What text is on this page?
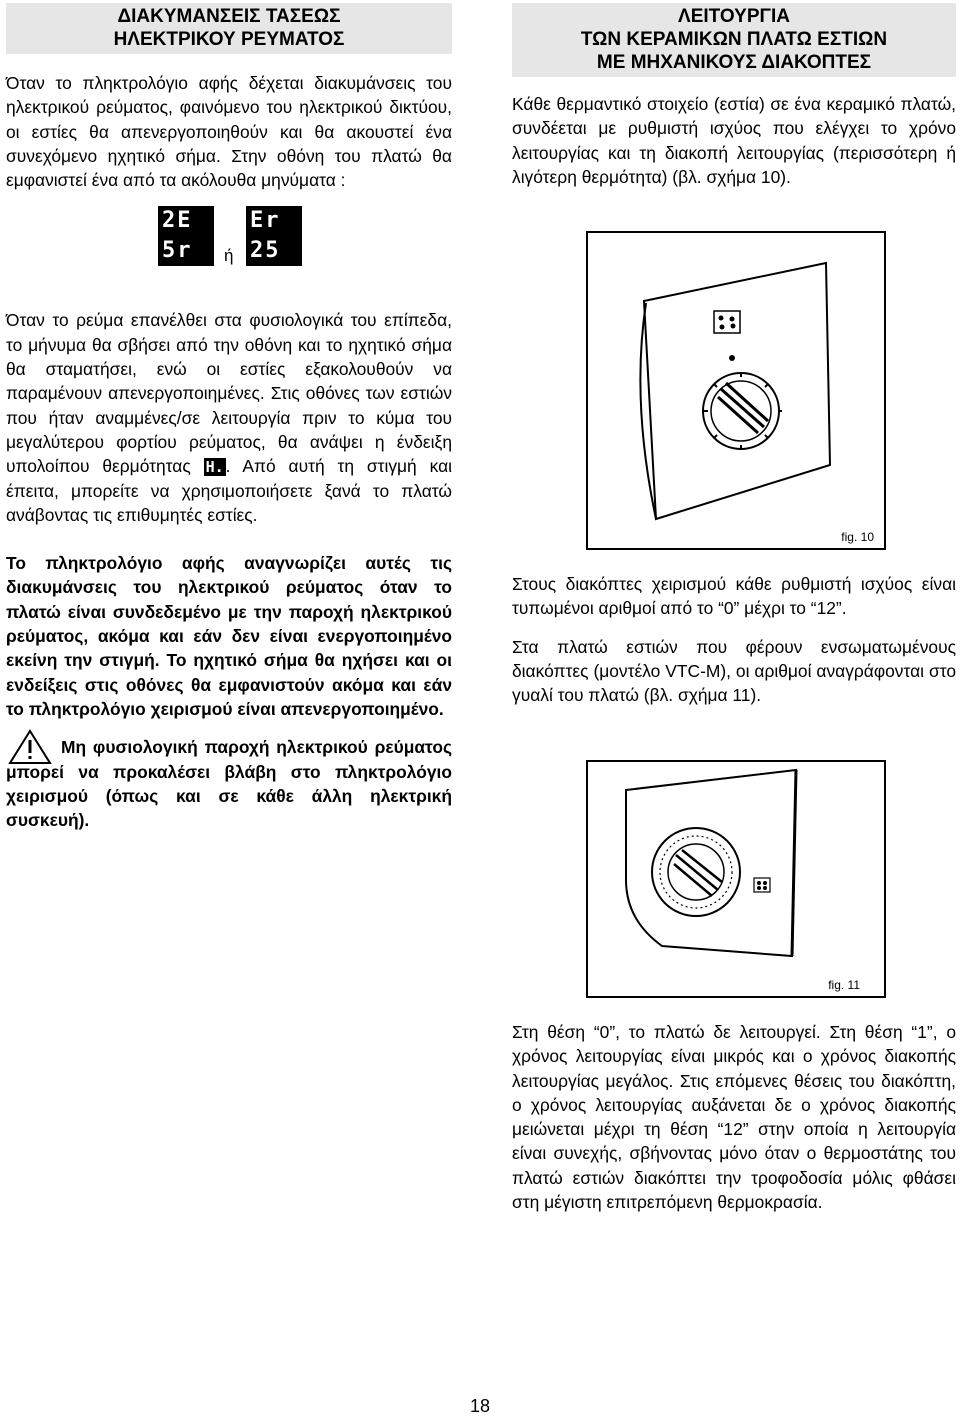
ΔΙΑΚΥΜΑΝΣΕΙΣ ΤΑΣΕΩΣ
ΗΛΕΚΤΡΙΚΟΥ ΡΕΥΜΑΤΟΣ

Όταν το πληκτρολόγιο αφής δέχεται διακυμάνσεις του ηλεκτρικού ρεύματος, φαινόμενο του ηλεκτρικού δικτύου, οι εστίες θα απενεργοποιηθούν και θα ακουστεί ένα συνεχόμενο ηχητικό σήμα. Στην οθόνη του πλατώ θα εμφανιστεί ένα από τα ακόλουθα μηνύματα :

2E
5r	ή
Er
25

Όταν το ρεύμα επανέλθει στα φυσιολογικά του επίπεδα, το μήνυμα θα σβήσει από την οθόνη και το ηχητικό σήμα θα σταματήσει, ενώ οι εστίες εξακολουθούν να παραμένουν απενεργοποιημένες. Στις οθόνες των εστιών που ήταν αναμμένες/σε λειτουργία πριν το κύμα του μεγαλύτερου φορτίου ρεύματος, θα ανάψει η ένδειξη υπολοίπου θερμότητας H. . Από αυτή τη στιγμή και έπειτα, μπορείτε να χρησιμοποιήσετε ξανά το πλατώ ανάβοντας τις επιθυμητές εστίες.

Το πληκτρολόγιο αφής αναγνωρίζει αυτές τις διακυμάνσεις του ηλεκτρικού ρεύματος όταν το πλατώ είναι συνδεδεμένο με την παροχή ηλεκτρικού ρεύματος, ακόμα και εάν δεν είναι ενεργοποιημένο εκείνη την στιγμή. Το ηχητικό σήμα θα ηχήσει και οι ενδείξεις στις οθόνες θα εμφανιστούν ακόμα και εάν το πληκτρολόγιο χειρισμού είναι απενεργοποιημένο.

Μη φυσιολογική παροχή ηλεκτρικού ρεύματος μπορεί να προκαλέσει βλάβη στο πληκτρολόγιο χειρισμού (όπως και σε κάθε άλλη ηλεκτρική συσκευή).

ΛΕΙΤΟΥΡΓΙΑ
ΤΩΝ ΚΕΡΑΜΙΚΩΝ ΠΛΑΤΩ ΕΣΤΙΩΝ
ΜΕ ΜΗΧΑΝΙΚΟΥΣ ΔΙΑΚΟΠΤΕΣ

Κάθε θερμαντικό στοιχείο (εστία) σε ένα κεραμικό πλατώ, συνδέεται με ρυθμιστή ισχύος που ελέγχει το χρόνο λειτουργίας και τη διακοπή λειτουργίας (περισσότερη ή λιγότερη θερμότητα) (βλ. σχήμα 10).

fig. 10

Στους διακόπτες χειρισμού κάθε ρυθμιστή ισχύος είναι τυπωμένοι αριθμοί από το “0” μέχρι το “12”.

Στα πλατώ εστιών που φέρουν ενσωματωμένους διακόπτες (μοντέλο VTC-M), οι αριθμοί αναγράφονται στο γυαλί του πλατώ (βλ. σχήμα 11).

fig. 11

Στη θέση “0”, το πλατώ δε λειτουργεί. Στη θέση “1”, ο χρόνος λειτουργίας είναι μικρός και ο χρόνος διακοπής λειτουργίας μεγάλος. Στις επόμενες θέσεις του διακόπτη, ο χρόνος λειτουργίας αυξάνεται δε ο χρόνος διακοπής μειώνεται μέχρι τη θέση “12” στην οποία η λειτουργία είναι συνεχής, σβήνοντας μόνο όταν ο θερμοστάτης του πλατώ εστιών διακόπτει την τροφοδοσία μόλις φθάσει στη μέγιστη επιτρεπόμενη θερμοκρασία.

18
